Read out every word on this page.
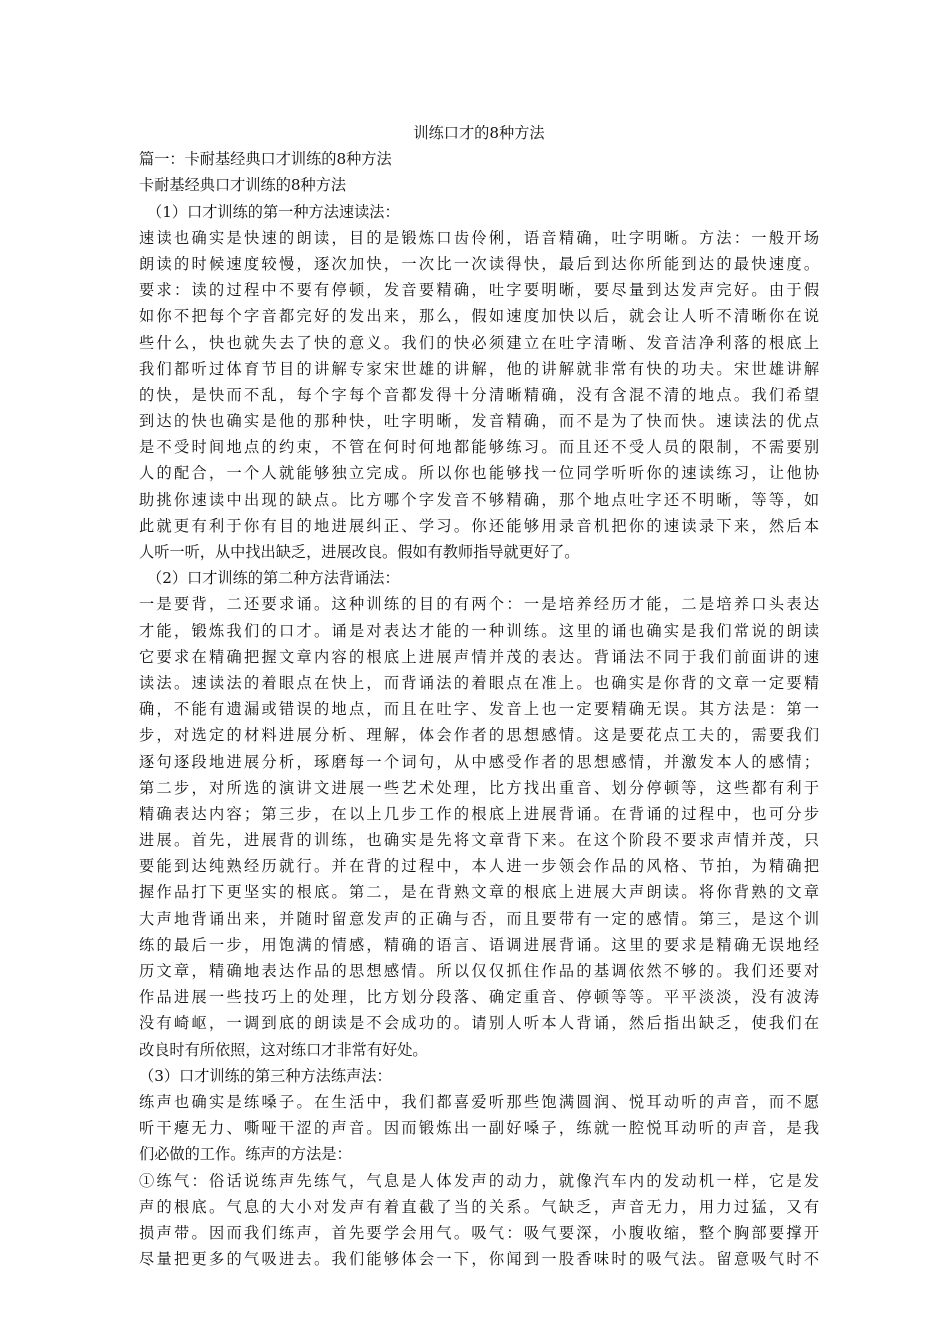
训练口才的8种方法

篇一：卡耐基经典口才训练的8种方法

卡耐基经典口才训练的8种方法

（1）口才训练的第一种方法速读法：

速读也确实是快速的朗读，目的是锻炼口齿伶俐，语音精确，吐字明晰。方法：一般开场

朗读的时候速度较慢，逐次加快，一次比一次读得快，最后到达你所能到达的最快速度。

要求：读的过程中不要有停顿，发音要精确，吐字要明晰，要尽量到达发声完好。由于假

如你不把每个字音都完好的发出来，那么，假如速度加快以后，就会让人听不清晰你在说

些什么，快也就失去了快的意义。我们的快必须建立在吐字清晰、发音洁净利落的根底上

我们都听过体育节目的讲解专家宋世雄的讲解，他的讲解就非常有快的功夫。宋世雄讲解

的快，是快而不乱，每个字每个音都发得十分清晰精确，没有含混不清的地点。我们希望

到达的快也确实是他的那种快，吐字明晰，发音精确，而不是为了快而快。速读法的优点

是不受时间地点的约束，不管在何时何地都能够练习。而且还不受人员的限制，不需要别

人的配合，一个人就能够独立完成。所以你也能够找一位同学听听你的速读练习，让他协

助挑你速读中出现的缺点。比方哪个字发音不够精确，那个地点吐字还不明晰，等等，如

此就更有利于你有目的地进展纠正、学习。你还能够用录音机把你的速读录下来，然后本

人听一听，从中找出缺乏，进展改良。假如有教师指导就更好了。

（2）口才训练的第二种方法背诵法：

一是要背，二还要求诵。这种训练的目的有两个：一是培养经历才能，二是培养口头表达

才能，锻炼我们的口才。诵是对表达才能的一种训练。这里的诵也确实是我们常说的朗读

它要求在精确把握文章内容的根底上进展声情并茂的表达。背诵法不同于我们前面讲的速

读法。速读法的着眼点在快上，而背诵法的着眼点在准上。也确实是你背的文章一定要精

确，不能有遗漏或错误的地点，而且在吐字、发音上也一定要精确无误。其方法是：第一

步，对选定的材料进展分析、理解，体会作者的思想感情。这是要花点工夫的，需要我们

逐句逐段地进展分析，琢磨每一个词句，从中感受作者的思想感情，并激发本人的感情；

第二步，对所选的演讲文进展一些艺术处理，比方找出重音、划分停顿等，这些都有利于

精确表达内容；第三步，在以上几步工作的根底上进展背诵。在背诵的过程中，也可分步

进展。首先，进展背的训练，也确实是先将文章背下来。在这个阶段不要求声情并茂，只

要能到达纯熟经历就行。并在背的过程中，本人进一步领会作品的风格、节拍，为精确把

握作品打下更坚实的根底。第二，是在背熟文章的根底上进展大声朗读。将你背熟的文章

大声地背诵出来，并随时留意发声的正确与否，而且要带有一定的感情。第三，是这个训

练的最后一步，用饱满的情感，精确的语言、语调进展背诵。这里的要求是精确无误地经

历文章，精确地表达作品的思想感情。所以仅仅抓住作品的基调依然不够的。我们还要对

作品进展一些技巧上的处理，比方划分段落、确定重音、停顿等等。平平淡淡，没有波涛

没有崎岖，一调到底的朗读是不会成功的。请别人听本人背诵，然后指出缺乏，使我们在

改良时有所依照，这对练口才非常有好处。

（3）口才训练的第三种方法练声法：

练声也确实是练嗓子。在生活中，我们都喜爱听那些饱满圆润、悦耳动听的声音，而不愿

听干瘪无力、嘶哑干涩的声音。因而锻炼出一副好嗓子，练就一腔悦耳动听的声音，是我

们必做的工作。练声的方法是：

①练气：俗话说练声先练气，气息是人体发声的动力，就像汽车内的发动机一样，它是发

声的根底。气息的大小对发声有着直截了当的关系。气缺乏，声音无力，用力过猛，又有

损声带。因而我们练声，首先要学会用气。吸气：吸气要深，小腹收缩，整个胸部要撑开

尽量把更多的气吸进去。我们能够体会一下，你闻到一股香味时的吸气法。留意吸气时不
